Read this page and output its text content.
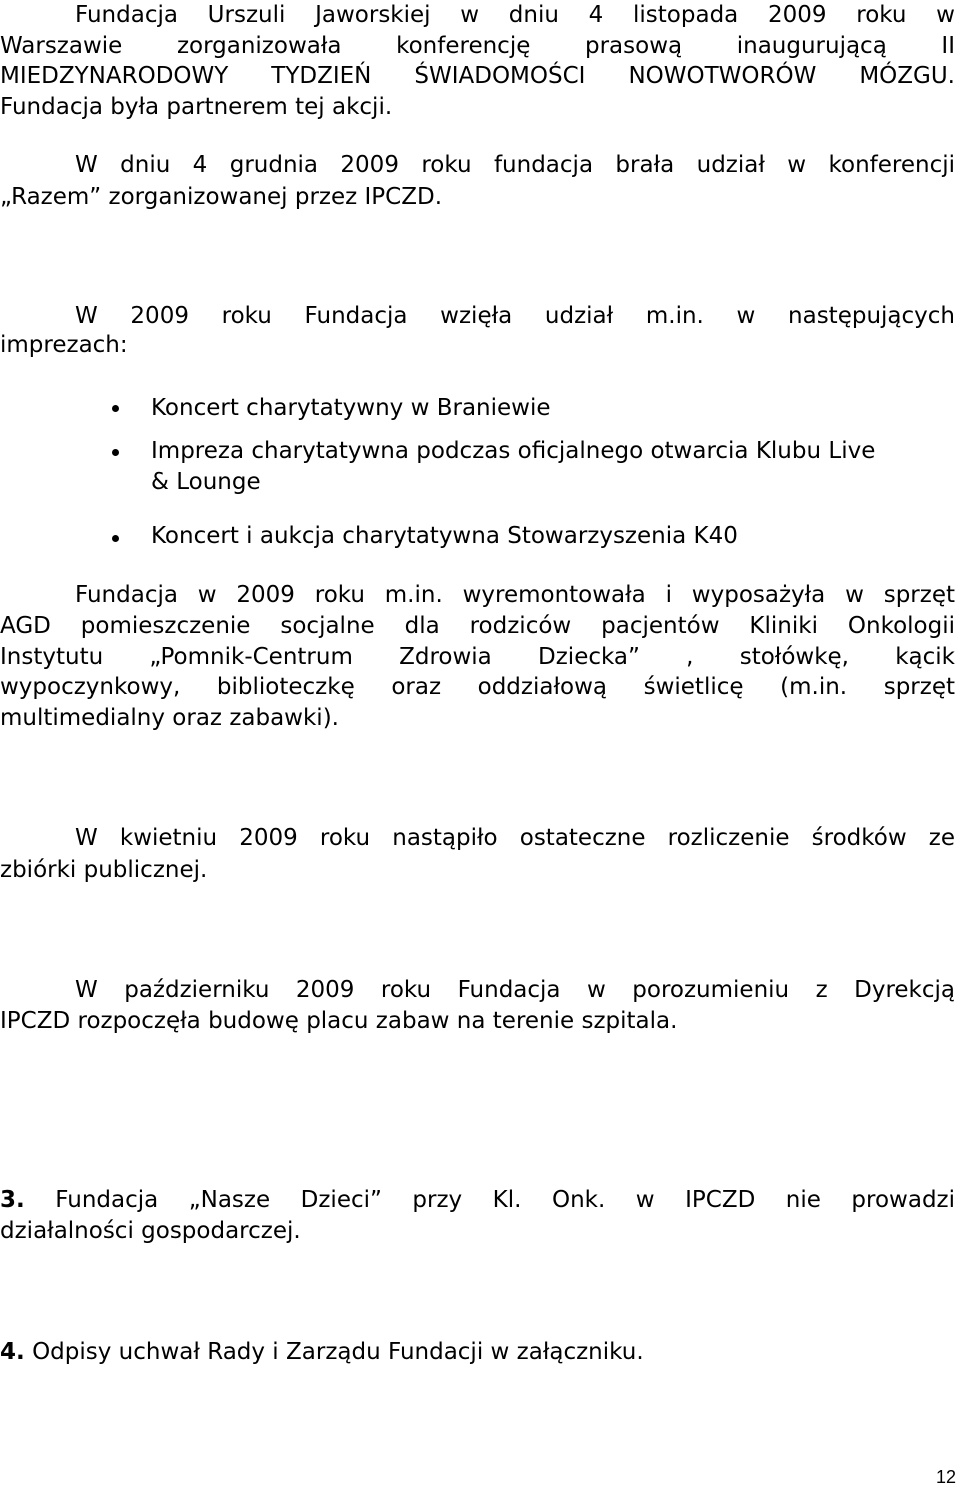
Fundacja Urszuli Jaworskiej w dniu 4 listopada 2009 roku w
Warszawie zorganizowała konferencję prasową inaugurującą II
MIEDZYNARODOWY TYDZIEŃ ŚWIADOMOŚCI NOWOTWORÓW MÓZGU.
Fundacja była partnerem tej akcji.
W dniu 4 grudnia 2009 roku fundacja brała udział w konferencji
„Razem” zorganizowanej przez IPCZD.
W 2009 roku Fundacja wzięła udział m.in. w następujących
imprezach:
Koncert charytatywny w Braniewie
Impreza charytatywna podczas oficjalnego otwarcia Klubu Live
& Lounge
Koncert i aukcja charytatywna Stowarzyszenia K40
Fundacja w 2009 roku m.in. wyremontowała i wyposażyła w sprzęt
AGD pomieszczenie socjalne dla rodziców pacjentów Kliniki Onkologii
Instytutu „Pomnik-Centrum Zdrowia Dziecka” , stołówkę, kącik
wypoczynkowy, biblioteczkę oraz oddziałową świetlicę (m.in. sprzęt
multimedialny oraz zabawki).
W kwietniu 2009 roku nastąpiło ostateczne rozliczenie środków ze
zbiórki publicznej.
W październiku 2009 roku Fundacja w porozumieniu z Dyrekcją
IPCZD rozpoczęła budowę placu zabaw na terenie szpitala.
3. Fundacja „Nasze Dzieci” przy Kl. Onk. w IPCZD nie prowadzi
działalności gospodarczej.
4. Odpisy uchwał Rady i Zarządu Fundacji w załączniku.
12
